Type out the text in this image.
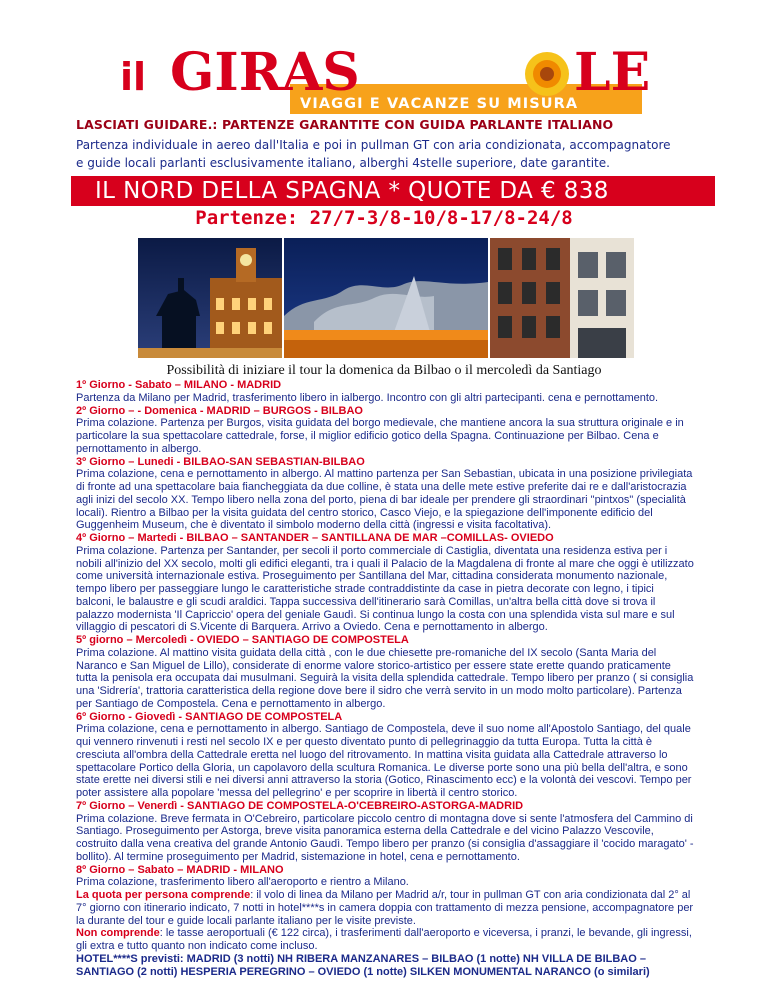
il GIRAS	LE
VIAGGI E VACANZE SU MISURA
LASCIATI GUIDARE.: PARTENZE GARANTITE CON GUIDA PARLANTE ITALIANO
Partenza individuale in aereo dall'Italia e poi in pullman GT con aria condizionata, accompagnatore
e guide locali parlanti esclusivamente italiano, alberghi 4stelle superiore, date garantite.
IL NORD DELLA SPAGNA * QUOTE DA € 838
Partenze: 27/7-3/8-10/8-17/8-24/8
Possibilità di iniziare il tour la domenica da Bilbao o il mercoledì da Santiago

1º Giorno - Sabato – MILANO - MADRID

Partenza da Milano per Madrid, trasferimento libero in ialbergo. Incontro con gli altri partecipanti. cena e pernottamento.

2º Giorno – - Domenica - MADRID – BURGOS - BILBAO

Prima colazione. Partenza per Burgos, visita guidata del borgo medievale, che mantiene ancora la sua struttura originale e in particolare la sua spettacolare cattedrale, forse, il miglior edificio gotico della Spagna. Continuazione per Bilbao. Cena e pernottamento in albergo.

3º Giorno – Lunedi - BILBAO-SAN SEBASTIAN-BILBAO

Prima colazione, cena e pernottamento in albergo. Al mattino partenza per San Sebastian, ubicata in una posizione privilegiata di fronte ad una spettacolare baia fiancheggiata da due colline, è stata una delle mete estive preferite dai re e dall'aristocrazia agli inizi del secolo XX. Tempo libero nella zona del porto, piena di bar ideale per prendere gli straordinari "pintxos" (specialità locali). Rientro a Bilbao per la visita guidata del centro storico, Casco Viejo, e la spiegazione dell'imponente edificio del Guggenheim Museum, che è diventato il simbolo moderno della città (ingressi e visita facoltativa).

4º Giorno – Martedi - BILBAO – SANTANDER – SANTILLANA DE MAR –COMILLAS- OVIEDO

Prima colazione. Partenza per Santander, per secoli il porto commerciale di Castiglia, diventata una residenza estiva per i nobili all'inizio del XX secolo, molti gli edifici eleganti, tra i quali il Palacio de la Magdalena di fronte al mare che oggi è utilizzato come università internazionale estiva. Proseguimento per Santillana del Mar, cittadina considerata monumento nazionale, tempo libero per passeggiare lungo le caratteristiche strade contraddistinte da case in pietra decorate con legno, i tipici balconi, le balaustre e gli scudi araldici. Tappa successiva dell'itinerario sarà Comillas, un'altra bella città dove si trova il palazzo modernista 'Il Capriccio' opera del geniale Gaudì. Si continua lungo la costa con una splendida vista sul mare e sul villaggio di pescatori di S.Vicente di Barquera. Arrivo a Oviedo. Cena e pernottamento in albergo.

5º giorno – Mercoledì - OVIEDO – SANTIAGO DE COMPOSTELA

Prima colazione. Al mattino visita guidata della città , con le due chiesette pre-romaniche del IX secolo (Santa Maria del Naranco e San Miguel de Lillo), considerate di enorme valore storico-artistico per essere state erette quando praticamente tutta la penisola era occupata dai musulmani. Seguirà la visita della splendida cattedrale. Tempo libero per pranzo ( si consiglia una 'Sidrería', trattoria caratteristica della regione dove bere il sidro che verrà servito in un modo molto particolare). Partenza per Santiago de Compostela. Cena e pernottamento in albergo.

6º Giorno - Giovedì - SANTIAGO DE COMPOSTELA

Prima colazione, cena e pernottamento in albergo. Santiago de Compostela, deve il suo nome all'Apostolo Santiago, del quale qui vennero rinvenuti i resti nel secolo IX e per questo diventato punto di pellegrinaggio da tutta Europa. Tutta la città è cresciuta all'ombra della Cattedrale eretta nel luogo del ritrovamento. In mattina visita guidata alla Cattedrale attraverso lo spettacolare Portico della Gloria, un capolavoro della scultura Romanica. Le diverse porte sono una più bella dell'altra, e sono state erette nei diversi stili e nei diversi anni attraverso la storia (Gotico, Rinascimento ecc) e la volontà dei vescovi. Tempo per poter assistere alla popolare 'messa del pellegrino' e per scoprire in libertà il centro storico.

7º Giorno – Venerdì - SANTIAGO DE COMPOSTELA-O'CEBREIRO-ASTORGA-MADRID

Prima colazione. Breve fermata in O'Cebreiro, particolare piccolo centro di montagna dove si sente l'atmosfera del Cammino di Santiago. Proseguimento per Astorga, breve visita panoramica esterna della Cattedrale e del vicino Palazzo Vescovile, costruito dalla vena creativa del grande Antonio Gaudì. Tempo libero per pranzo (si consiglia d'assaggiare il 'cocido maragato' - bollito). Al termine proseguimento per Madrid, sistemazione in hotel, cena e pernottamento.

8º Giorno – Sabato – MADRID - MILANO

Prima colazione, trasferimento libero all'aeroporto e rientro a Milano.

La quota per persona comprende: il volo di linea da Milano per Madrid a/r, tour in pullman GT con aria condizionata dal 2° al 7° giorno con itinerario indicato, 7 notti in hotel****s in camera doppia con trattamento di mezza pensione, accompagnatore per la durante del tour e guide locali parlante italiano per le visite previste.

Non comprende: le tasse aeroportuali (€ 122 circa), i trasferimenti dall'aeroporto e viceversa, i pranzi, le bevande, gli ingressi, gli extra e tutto quanto non indicato come incluso.

HOTEL****S previsti: MADRID (3 notti) NH RIBERA MANZANARES – BILBAO (1 notte) NH VILLA DE BILBAO – SANTIAGO (2 notti) HESPERIA PEREGRINO – OVIEDO (1 notte) SILKEN MONUMENTAL NARANCO (o similari)
